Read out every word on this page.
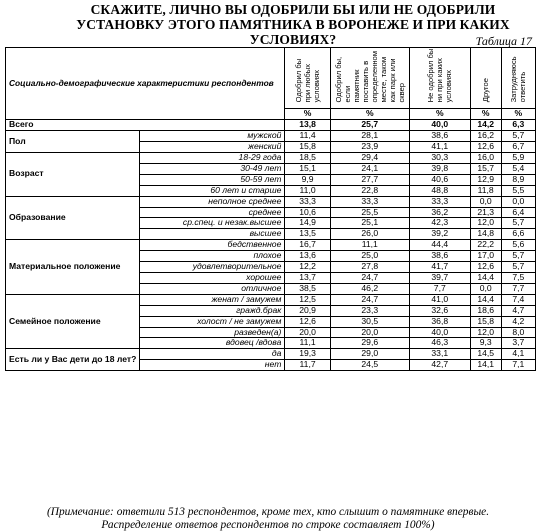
СКАЖИТЕ, ЛИЧНО ВЫ ОДОБРИЛИ БЫ ИЛИ НЕ ОДОБРИЛИ УСТАНОВКУ ЭТОГО ПАМЯТНИКА В ВОРОНЕЖЕ И ПРИ КАКИХ УСЛОВИЯХ?	Таблица 17
Социально-демографические характеристики респондентов		Одобрил бы при любых условиях	Одобрил бы, если памятник поставить в определенном месте, таком как парк или сквер	Не одобрил бы ни при каких условиях	Другое	Затрудняюсь ответить
		%	%	%	%	%
Всего		13,8	25,7	40,0	14,2	6,3
Пол	мужской	11,4	28,1	38,6	16,2	5,7
	женский	15,8	23,9	41,1	12,6	6,7
Возраст	18-29 года	18,5	29,4	30,3	16,0	5,9
	30-49 лет	15,1	24,1	39,8	15,7	5,4
	50-59 лет	9,9	27,7	40,6	12,9	8,9
	60 лет и старше	11,0	22,8	48,8	11,8	5,5
Образование	неполное среднее	33,3	33,3	33,3	0,0	0,0
	среднее	10,6	25,5	36,2	21,3	6,4
	ср.спец. и незак.высшее	14,9	25,1	42,3	12,0	5,7
	высшее	13,5	26,0	39,2	14,8	6,6
Материальное положение	бедственное	16,7	11,1	44,4	22,2	5,6
	плохое	13,6	25,0	38,6	17,0	5,7
	удовлетворительное	12,2	27,8	41,7	12,6	5,7
	хорошее	13,7	24,7	39,7	14,4	7,5
	отличное	38,5	46,2	7,7	0,0	7,7
Семейное положение	женат / замужем	12,5	24,7	41,0	14,4	7,4
	гражд.брак	20,9	23,3	32,6	18,6	4,7
	холост / не замужем	12,6	30,5	36,8	15,8	4,2
	разведен(а)	20,0	20,0	40,0	12,0	8,0
	вдовец /вдова	11,1	29,6	46,3	9,3	3,7
Есть ли у Вас дети до 18 лет?	да	19,3	29,0	33,1	14,5	4,1
	нет	11,7	24,5	42,7	14,1	7,1
(Примечание: ответили 513 респондентов, кроме тех, кто слышит о памятнике впервые.
Распределение ответов респондентов по строке составляет 100%)
